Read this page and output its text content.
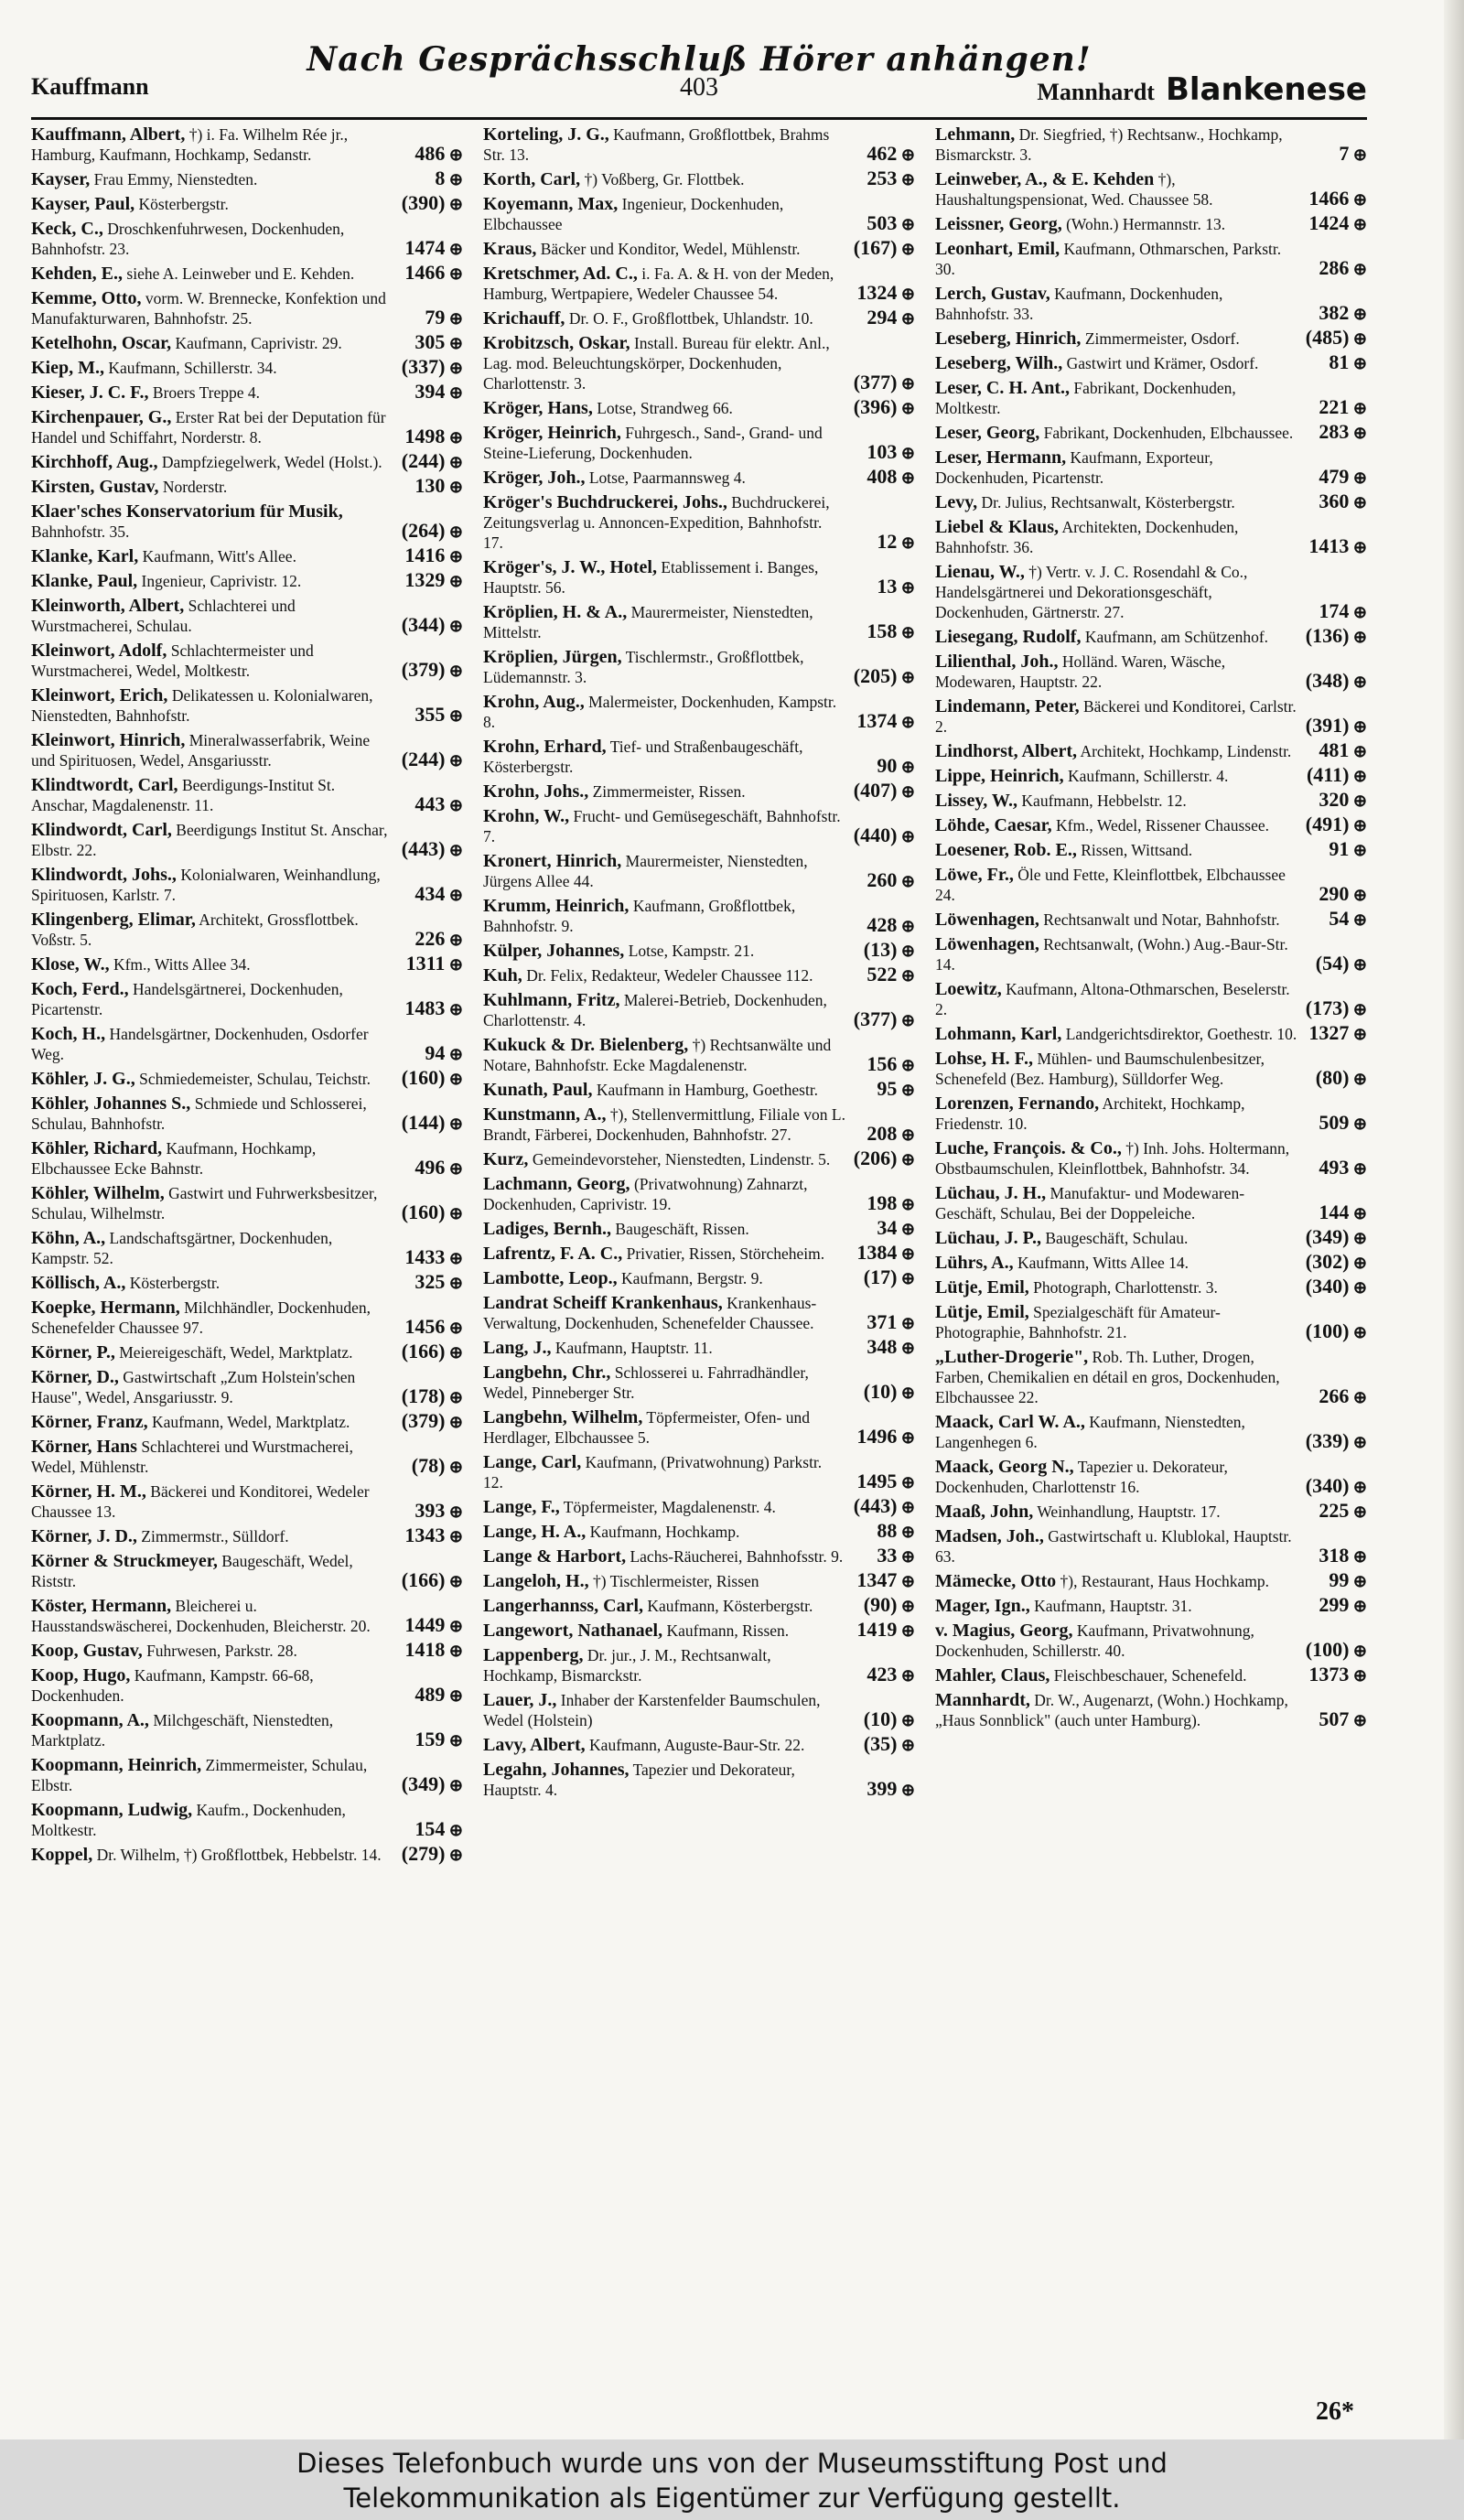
Nach Gesprächsschluß Hörer anhängen!
Kauffmann	403	Mannhardt Blankenese
Kauffmann, Albert, †) i. Fa. Wilhelm Rée jr., Hamburg, Kaufmann, Hochkamp, Sedanstr.	486 ⊕
Kayser, Frau Emmy, Nienstedten.	8 ⊕
Kayser, Paul, Kösterbergstr.	(390) ⊕
Keck, C., Droschkenfuhrwesen, Dockenhuden, Bahnhofstr. 23.	1474 ⊕
Kehden, E., siehe A. Leinweber und E. Kehden.	1466 ⊕
Kemme, Otto, vorm. W. Brennecke, Konfektion und Manufakturwaren, Bahnhofstr. 25.	79 ⊕
Ketelhohn, Oscar, Kaufmann, Caprivistr. 29.	305 ⊕
Kiep, M., Kaufmann, Schillerstr. 34.	(337) ⊕
Kieser, J. C. F., Broers Treppe 4.	394 ⊕
Kirchenpauer, G., Erster Rat bei der Deputation für Handel und Schiffahrt, Norderstr. 8.	1498 ⊕
Kirchhoff, Aug., Dampfziegelwerk, Wedel (Holst.). (244) ⊕
Kirsten, Gustav, Norderstr.	130 ⊕
Klaer'sches Konservatorium für Musik, Bahnhofstr. 35.	(264) ⊕
Klanke, Karl, Kaufmann, Witt's Allee.	1416 ⊕
Klanke, Paul, Ingenieur, Caprivistr. 12.	1329 ⊕
Kleinworth, Albert, Schlachterei und Wurstmacherei, Schulau.	(344) ⊕
Kleinwort, Adolf, Schlachtermeister und Wurstmacherei, Wedel, Moltkestr.	(379) ⊕
Kleinwort, Erich, Delikatessen u. Kolonialwaren, Nienstedten, Bahnhofstr.	355 ⊕
Kleinwort, Hinrich, Mineralwasserfabrik, Weine und Spirituosen, Wedel, Ansgariusstr.	(244) ⊕
Klindtwordt, Carl, Beerdigungs-Institut St. Anschar, Magdalenenstr. 11.	443 ⊕
Klindwordt, Carl, Beerdigungs Institut St. Anschar, Elbstr. 22.	(443) ⊕
Klindwordt, Johs., Kolonialwaren, Weinhandlung, Spirituosen, Karlstr. 7.	434 ⊕
Klingenberg, Elimar, Architekt, Grossflottbek. Voßstr. 5.	226 ⊕
Klose, W., Kfm., Witts Allee 34.	1311 ⊕
Koch, Ferd., Handelsgärtnerei, Dockenhuden, Picartenstr.	1483 ⊕
Koch, H., Handelsgärtner, Dockenhuden, Osdorfer Weg.	94 ⊕
Köhler, J. G., Schmiedemeister, Schulau, Teichstr. (160) ⊕
Köhler, Johannes S., Schmiede und Schlosserei, Schulau, Bahnhofstr.	(144) ⊕
Köhler, Richard, Kaufmann, Hochkamp, Elbchaussee Ecke Bahnstr.	496 ⊕
Köhler, Wilhelm, Gastwirt und Fuhrwerksbesitzer, Schulau, Wilhelmstr.	(160) ⊕
Köhn, A., Landschaftsgärtner, Dockenhuden, Kampstr. 52.	1433 ⊕
Köllisch, A., Kösterbergstr.	325 ⊕
Koepke, Hermann, Milchhändler, Dockenhuden, Schenefelder Chaussee 97.	1456 ⊕
Körner, P., Meiereigeschäft, Wedel, Marktplatz. (166) ⊕
Körner, D., Gastwirtschaft „Zum Holstein'schen Hause", Wedel, Ansgariusstr. 9.	(178) ⊕
Körner, Franz, Kaufmann, Wedel, Marktplatz.	(379) ⊕
Körner, Hans Schlachterei und Wurstmacherei, Wedel, Mühlenstr.	(78) ⊕
Körner, H. M., Bäckerei und Konditorei, Wedeler Chaussee 13.	393 ⊕
Körner, J. D., Zimmermstr., Sülldorf.	1343 ⊕
Körner & Struckmeyer, Baugeschäft, Wedel, Riststr.	(166) ⊕
Köster, Hermann, Bleicherei u. Hausstandswäscherei, Dockenhuden, Bleicherstr. 20. 1449 ⊕
Koop, Gustav, Fuhrwesen, Parkstr. 28.	1418 ⊕
Koop, Hugo, Kaufmann, Kampstr. 66-68, Dockenhuden.	489 ⊕
Koopmann, A., Milchgeschäft, Nienstedten, Marktplatz.	159 ⊕
Koopmann, Heinrich, Zimmermeister, Schulau, Elbstr.	(349) ⊕
Koopmann, Ludwig, Kaufm., Dockenhuden, Moltkestr.	154 ⊕
Koppel, Dr. Wilhelm, †) Großflottbek, Hebbelstr. 14. (279) ⊕
Korteling, J. G., Kaufmann, Großflottbek, Brahms Str. 13.	462 ⊕
Korth, Carl, †) Voßberg, Gr. Flottbek.	253 ⊕
Koyemann, Max, Ingenieur, Dockenhuden, Elbchaussee	503 ⊕
Kraus, Bäcker und Konditor, Wedel, Mühlenstr.	(167) ⊕
Kretschmer, Ad. C., i. Fa. A. & H. von der Meden, Hamburg, Wertpapiere, Wedeler Chaussee 54.	1324 ⊕
Krichauff, Dr. O. F., Großflottbek, Uhlandstr. 10.	294 ⊕
Krobitzsch, Oskar, Install. Bureau für elektr. Anl., Lag. mod. Beleuchtungskörper, Dockenhuden, Charlottenstr. 3.	(377) ⊕
Kröger, Hans, Lotse, Strandweg 66.	(396) ⊕
Kröger, Heinrich, Fuhrgesch., Sand-, Grand- und Steine-Lieferung, Dockenhuden.	103 ⊕
Kröger, Joh., Lotse, Paarmannsweg 4.	408 ⊕
Kröger's Buchdruckerei, Johs., Buchdruckerei, Zeitungsverlag u. Annoncen-Expedition, Bahnhofstr. 17.	12 ⊕
Kröger's, J. W., Hotel, Etablissement i. Banges, Hauptstr. 56.	13 ⊕
Kröplien, H. & A., Maurermeister, Nienstedten, Mittelstr.	158 ⊕
Kröplien, Jürgen, Tischlermstr., Großflottbek, Lüdemannstr. 3.	(205) ⊕
Krohn, Aug., Malermeister, Dockenhuden, Kampstr. 8.	1374 ⊕
Krohn, Erhard, Tief- und Straßenbaugeschäft, Kösterbergstr.	90 ⊕
Krohn, Johs., Zimmermeister, Rissen.	(407) ⊕
Krohn, W., Frucht- und Gemüsegeschäft, Bahnhofstr. 7.	(440) ⊕
Kronert, Hinrich, Maurermeister, Nienstedten, Jürgens Allee 44.	260 ⊕
Krumm, Heinrich, Kaufmann, Großflottbek, Bahnhofstr. 9.	428 ⊕
Külper, Johannes, Lotse, Kampstr. 21.	(13) ⊕
Kuh, Dr. Felix, Redakteur, Wedeler Chaussee 112.	522 ⊕
Kuhlmann, Fritz, Malerei-Betrieb, Dockenhuden, Charlottenstr. 4.	(377) ⊕
Kukuck & Dr. Bielenberg, †) Rechtsanwälte und Notare, Bahnhofstr. Ecke Magdalenenstr.	156 ⊕
Kunath, Paul, Kaufmann in Hamburg, Goethestr.	95 ⊕
Kunstmann, A., †), Stellenvermittlung, Filiale von L. Brandt, Färberei, Dockenhuden, Bahnhofstr. 27.	208 ⊕
Kurz, Gemeindevorsteher, Nienstedten, Lindenstr. 5. (206) ⊕
Lachmann, Georg, (Privatwohnung) Zahnarzt, Dockenhuden, Caprivistr. 19.	198 ⊕
Ladiges, Bernh., Baugeschäft, Rissen.	34 ⊕
Lafrentz, F. A. C., Privatier, Rissen, Störcheheim. 1384 ⊕
Lambotte, Leop., Kaufmann, Bergstr. 9.	(17) ⊕
Landrat Scheiff Krankenhaus, Krankenhaus-Verwaltung, Dockenhuden, Schenefelder Chaussee.	371 ⊕
Lang, J., Kaufmann, Hauptstr. 11.	348 ⊕
Langbehn, Chr., Schlosserei u. Fahrradhändler, Wedel, Pinneberger Str.	(10) ⊕
Langbehn, Wilhelm, Töpfermeister, Ofen- und Herdlager, Elbchaussee 5.	1496 ⊕
Lange, Carl, Kaufmann, (Privatwohnung) Parkstr. 12.	1495 ⊕
Lange, F., Töpfermeister, Magdalenenstr. 4.	(443) ⊕
Lange, H. A., Kaufmann, Hochkamp.	88 ⊕
Lange & Harbort, Lachs-Räucherei, Bahnhofsstr. 9. 33 ⊕
Langeloh, H., †) Tischlermeister, Rissen	1347 ⊕
Langerhannss, Carl, Kaufmann, Kösterbergstr.	(90) ⊕
Langewort, Nathanael, Kaufmann, Rissen.	1419 ⊕
Lappenberg, Dr. jur., J. M., Rechtsanwalt, Hochkamp, Bismarckstr.	423 ⊕
Lauer, J., Inhaber der Karstenfelder Baumschulen, Wedel (Holstein)	(10) ⊕
Lavy, Albert, Kaufmann, Auguste-Baur-Str. 22.	(35) ⊕
Legahn, Johannes, Tapezier und Dekorateur, Hauptstr. 4.	399 ⊕
Lehmann, Dr. Siegfried, †) Rechtsanw., Hochkamp, Bismarckstr. 3.	7 ⊕
Leinweber, A., & E. Kehden †), Haushaltungspensionat, Wed. Chaussee 58.	1466 ⊕
Leissner, Georg, (Wohn.) Hermannstr. 13.	1424 ⊕
Leonhart, Emil, Kaufmann, Othmarschen, Parkstr. 30.	286 ⊕
Lerch, Gustav, Kaufmann, Dockenhuden, Bahnhofstr. 33.	382 ⊕
Leseberg, Hinrich, Zimmermeister, Osdorf.	(485) ⊕
Leseberg, Wilh., Gastwirt und Krämer, Osdorf.	81 ⊕
Leser, C. H. Ant., Fabrikant, Dockenhuden, Moltkestr.	221 ⊕
Leser, Georg, Fabrikant, Dockenhuden, Elbchaussee. 283 ⊕
Leser, Hermann, Kaufmann, Exporteur, Dockenhuden, Picartenstr.	479 ⊕
Levy, Dr. Julius, Rechtsanwalt, Kösterbergstr.	360 ⊕
Liebel & Klaus, Architekten, Dockenhuden, Bahnhofstr. 36.	1413 ⊕
Lienau, W., †) Vertr. v. J. C. Rosendahl & Co., Handelsgärtnerei und Dekorationsgeschäft, Dockenhuden, Gärtnerstr. 27.	174 ⊕
Liesegang, Rudolf, Kaufmann, am Schützenhof. (136) ⊕
Lilienthal, Joh., Holländ. Waren, Wäsche, Modewaren, Hauptstr. 22.	(348) ⊕
Lindemann, Peter, Bäckerei und Konditorei, Carlstr. 2.	(391) ⊕
Lindhorst, Albert, Architekt, Hochkamp, Lindenstr. 481 ⊕
Lippe, Heinrich, Kaufmann, Schillerstr. 4.	(411) ⊕
Lissey, W., Kaufmann, Hebbelstr. 12.	320 ⊕
Löhde, Caesar, Kfm., Wedel, Rissener Chaussee. (491) ⊕
Loesener, Rob. E., Rissen, Wittsand.	91 ⊕
Löwe, Fr., Öle und Fette, Kleinflottbek, Elbchaussee 24.	290 ⊕
Löwenhagen, Rechtsanwalt und Notar, Bahnhofstr. 54 ⊕
Löwenhagen, Rechtsanwalt, (Wohn.) Aug.-Baur-Str. 14.	(54) ⊕
Loewitz, Kaufmann, Altona-Othmarschen, Beselerstr. 2.	(173) ⊕
Lohmann, Karl, Landgerichtsdirektor, Goethestr. 10. 1327 ⊕
Lohse, H. F., Mühlen- und Baumschulenbesitzer, Schenefeld (Bez. Hamburg), Sülldorfer Weg.	(80) ⊕
Lorenzen, Fernando, Architekt, Hochkamp, Friedenstr. 10.	509 ⊕
Luche, François. & Co., †) Inh. Johs. Holtermann, Obstbaumschulen, Kleinflottbek, Bahnhofstr. 34.	493 ⊕
Lüchau, J. H., Manufaktur- und Modewaren-Geschäft, Schulau, Bei der Doppeleiche.	144 ⊕
Lüchau, J. P., Baugeschäft, Schulau.	(349) ⊕
Lührs, A., Kaufmann, Witts Allee 14.	(302) ⊕
Lütje, Emil, Photograph, Charlottenstr. 3.	(340) ⊕
Lütje, Emil, Spezialgeschäft für Amateur-Photographie, Bahnhofstr. 21.	(100) ⊕
„Luther-Drogerie", Rob. Th. Luther, Drogen, Farben, Chemikalien en détail en gros, Dockenhuden, Elbchaussee 22.	266 ⊕
Maack, Carl W. A., Kaufmann, Nienstedten, Langenhegen 6.	(339) ⊕
Maack, Georg N., Tapezier u. Dekorateur, Dockenhuden, Charlottenstr 16.	(340) ⊕
Maaß, John, Weinhandlung, Hauptstr. 17.	225 ⊕
Madsen, Joh., Gastwirtschaft u. Klublokal, Hauptstr. 63.	318 ⊕
Mämecke, Otto †), Restaurant, Haus Hochkamp.	99 ⊕
Mager, Ign., Kaufmann, Hauptstr. 31.	299 ⊕
v. Magius, Georg, Kaufmann, Privatwohnung, Dockenhuden, Schillerstr. 40.	(100) ⊕
Mahler, Claus, Fleischbeschauer, Schenefeld.	1373 ⊕
Mannhardt, Dr. W., Augenarzt, (Wohn.) Hochkamp, „Haus Sonnblick" (auch unter Hamburg).	507 ⊕
26*
Dieses Telefonbuch wurde uns von der Museumsstiftung Post und
Telekommunikation als Eigentümer zur Verfügung gestellt.
